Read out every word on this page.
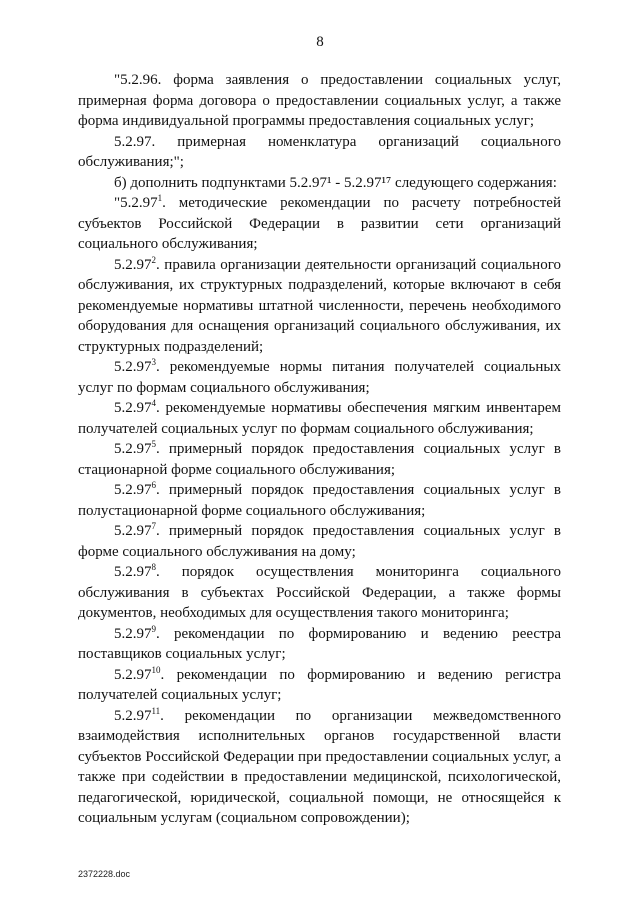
8

"5.2.96. форма заявления о предоставлении социальных услуг, примерная форма договора о предоставлении социальных услуг, а также форма индивидуальной программы предоставления социальных услуг;

5.2.97. примерная номенклатура организаций социального обслуживания;";

б) дополнить подпунктами 5.2.97¹ - 5.2.97¹⁷ следующего содержания:

"5.2.97$^1$. методические рекомендации по расчету потребностей субъектов Российской Федерации в развитии сети организаций социального обслуживания;

5.2.97$^2$. правила организации деятельности организаций социального обслуживания, их структурных подразделений, которые включают в себя рекомендуемые нормативы штатной численности, перечень необходимого оборудования для оснащения организаций социального обслуживания, их структурных подразделений;

5.2.97$^3$. рекомендуемые нормы питания получателей социальных услуг по формам социального обслуживания;

5.2.97$^4$. рекомендуемые нормативы обеспечения мягким инвентарем получателей социальных услуг по формам социального обслуживания;

5.2.97$^5$. примерный порядок предоставления социальных услуг в стационарной форме социального обслуживания;

5.2.97$^6$. примерный порядок предоставления социальных услуг в полустационарной форме социального обслуживания;

5.2.97$^7$. примерный порядок предоставления социальных услуг в форме социального обслуживания на дому;

5.2.97$^8$. порядок осуществления мониторинга социального обслуживания в субъектах Российской Федерации, а также формы документов, необходимых для осуществления такого мониторинга;

5.2.97$^9$. рекомендации по формированию и ведению реестра поставщиков социальных услуг;

5.2.97$^{10}$. рекомендации по формированию и ведению регистра получателей социальных услуг;

5.2.97$^{11}$. рекомендации по организации межведомственного взаимодействия исполнительных органов государственной власти субъектов Российской Федерации при предоставлении социальных услуг, а также при содействии в предоставлении медицинской, психологической, педагогической, юридической, социальной помощи, не относящейся к социальным услугам (социальном сопровождении);

2372228.doc
